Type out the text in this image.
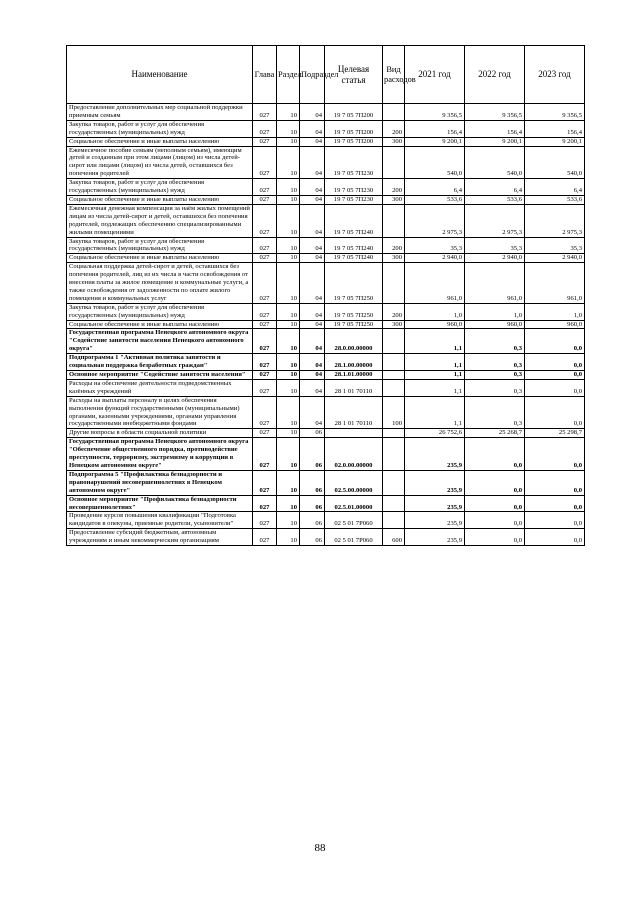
Наименование	Глава	Раздел	Подраздел	Целевая статья	Вид расходов	2021 год	2022 год	2023 год
Предоставление дополнительных мер социальной поддержки приемным семьям	027	10	04	19 7 05 7П200		9 356,5	9 356,5	9 356,5
Закупка товаров, работ и услуг для обеспечения государственных (муниципальных) нужд	027	10	04	19 7 05 7П200	200	156,4	156,4	156,4
Социальное обеспечение и иные выплаты населению	027	10	04	19 7 05 7П200	300	9 200,1	9 200,1	9 200,1
Ежемесячное пособие семьям (неполным семьям), имеющим детей и созданным при этом лицами (лицом) из числа детей-сирот или лицами (лицом) из числа детей, оставшихся без попечения родителей	027	10	04	19 7 05 7П230		540,0	540,0	540,0
Закупка товаров, работ и услуг для обеспечения государственных (муниципальных) нужд	027	10	04	19 7 05 7П230	200	6,4	6,4	6,4
Социальное обеспечение и иные выплаты населению	027	10	04	19 7 05 7П230	300	533,6	533,6	533,6
Ежемесячная денежная компенсация за наём жилых помещений лицам из числа детей-сирот и детей, оставшихся без попечения родителей, подлежащих обеспечению специализированными жилыми помещениями	027	10	04	19 7 05 7П240		2 975,3	2 975,3	2 975,3
Закупка товаров, работ и услуг для обеспечения государственных (муниципальных) нужд	027	10	04	19 7 05 7П240	200	35,3	35,3	35,3
Социальное обеспечение и иные выплаты населению	027	10	04	19 7 05 7П240	300	2 940,0	2 940,0	2 940,0
Социальная поддержка детей-сирот и детей, оставшихся без попечения родителей, лиц из их числа в части освобождения от внесения платы за жилое помещение и коммунальные услуги, а также освобождения от задолженности по оплате жилого помещения и коммунальных услуг	027	10	04	19 7 05 7П250		961,0	961,0	961,0
Закупка товаров, работ и услуг для обеспечения государственных (муниципальных) нужд	027	10	04	19 7 05 7П250	200	1,0	1,0	1,0
Социальное обеспечение и иные выплаты населению	027	10	04	19 7 05 7П250	300	960,0	960,0	960,0
Государственная программа Ненецкого автономного округа "Содействие занятости населения Ненецкого автономного округа"	027	10	04	28.0.00.00000		1,1	0,3	0,0
Подпрограмма 1 "Активная политика занятости и социальная поддержка безработных граждан"	027	10	04	28.1.00.00000		1,1	0,3	0,0
Основное мероприятие "Содействие занятости населения"	027	10	04	28.1.01.00000		1,1	0,3	0,0
Расходы на обеспечение деятельности подведомственных казённых учреждений	027	10	04	28 1 01 70110		1,1	0,3	0,0
Расходы на выплаты персоналу в целях обеспечения выполнения функций государственными (муниципальными) органами, казенными учреждениями, органами управления государственными внебюджетными фондами	027	10	04	28 1 01 70110	100	1,1	0,3	0,0
Другие вопросы в области социальной политики	027	10	06			26 752,6	25 268,7	25 298,7
Государственная программа Ненецкого автономного округа "Обеспечение общественного порядка, противодействие преступности, терроризму, экстремизму и коррупции в Ненецком автономном округе"	027	10	06	02.0.00.00000		235,9	0,0	0,0
Подпрограмма 5 "Профилактика безнадзорности и правонарушений несовершеннолетних в Ненецком автономном округе"	027	10	06	02.5.00.00000		235,9	0,0	0,0
Основное мероприятие "Профилактика безнадзорности несовершеннолетних"	027	10	06	02.5.01.00000		235,9	0,0	0,0
Проведение курсов повышения квалификации "Подготовка кандидатов в опекуны, приемные родители, усыновители"	027	10	06	02 5 01 7Р060		235,9	0,0	0,0
Предоставление субсидий бюджетным, автономным учреждениям и иным некоммерческим организациям	027	10	06	02 5 01 7Р060	600	235,9	0,0	0,0
88
